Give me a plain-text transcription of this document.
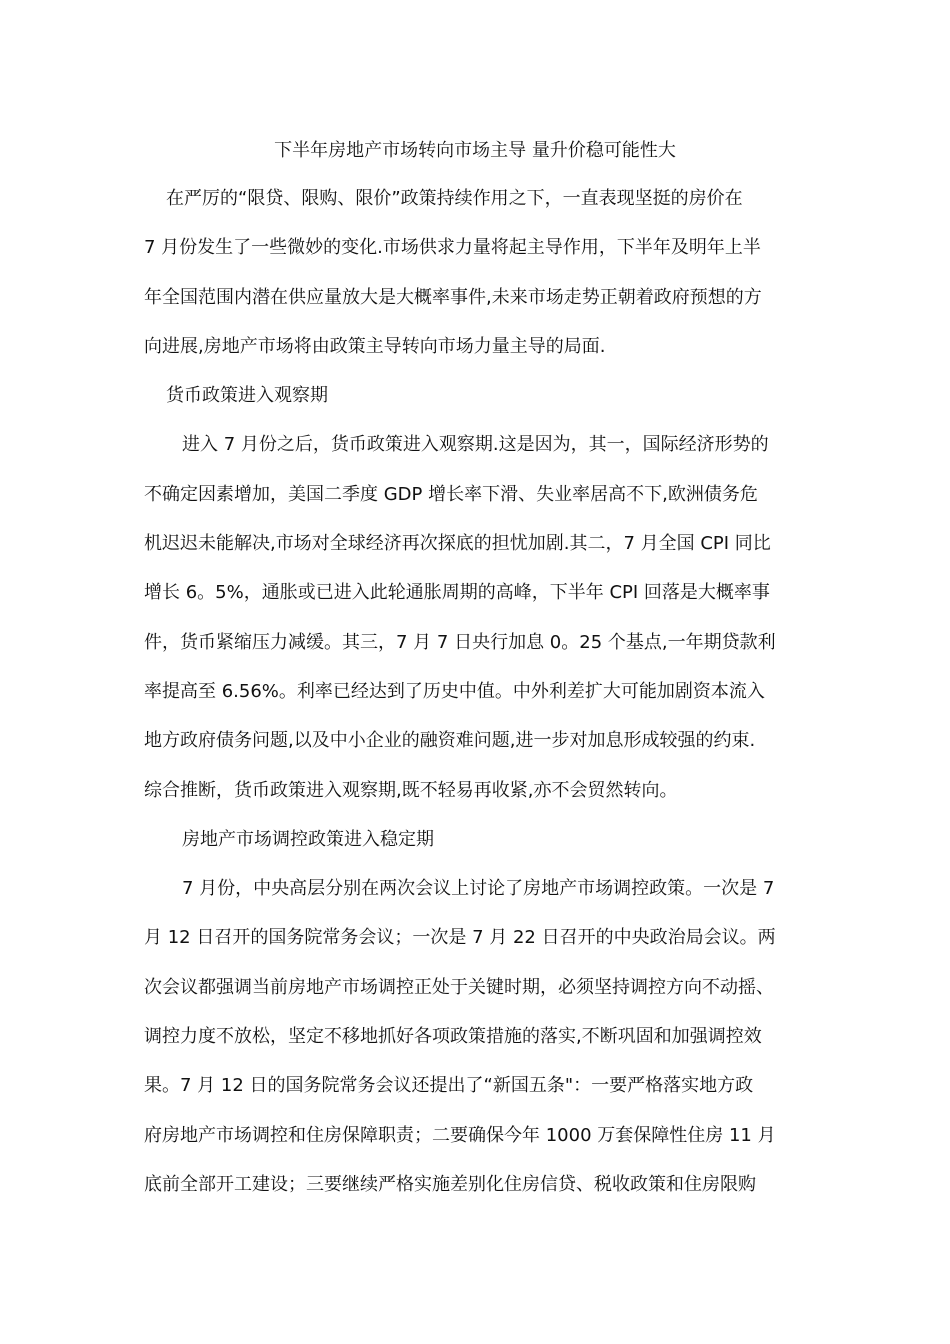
下半年房地产市场转向市场主导 量升价稳可能性大
在严厉的“限贷、限购、限价”政策持续作用之下，一直表现坚挺的房价在
7 月份发生了一些微妙的变化.市场供求力量将起主导作用，下半年及明年上半
年全国范围内潜在供应量放大是大概率事件,未来市场走势正朝着政府预想的方
向进展,房地产市场将由政策主导转向市场力量主导的局面.
货币政策进入观察期
进入 7 月份之后，货币政策进入观察期.这是因为，其一，国际经济形势的
不确定因素增加，美国二季度 GDP 增长率下滑、失业率居高不下,欧洲债务危
机迟迟未能解决,市场对全球经济再次探底的担忧加剧.其二，7 月全国 CPI 同比
增长 6。5%，通胀或已进入此轮通胀周期的高峰，下半年 CPI 回落是大概率事
件，货币紧缩压力减缓。其三，7 月 7 日央行加息 0。25 个基点,一年期贷款利
率提高至 6.56%。利率已经达到了历史中值。中外利差扩大可能加剧资本流入
地方政府债务问题,以及中小企业的融资难问题,进一步对加息形成较强的约束.
综合推断，货币政策进入观察期,既不轻易再收紧,亦不会贸然转向。
房地产市场调控政策进入稳定期
7 月份，中央高层分别在两次会议上讨论了房地产市场调控政策。一次是 7
月 12 日召开的国务院常务会议；一次是 7 月 22 日召开的中央政治局会议。两
次会议都强调当前房地产市场调控正处于关键时期，必须坚持调控方向不动摇、
调控力度不放松，坚定不移地抓好各项政策措施的落实,不断巩固和加强调控效
果。7 月 12 日的国务院常务会议还提出了“新国五条"：一要严格落实地方政
府房地产市场调控和住房保障职责；二要确保今年 1000 万套保障性住房 11 月
底前全部开工建设；三要继续严格实施差别化住房信贷、税收政策和住房限购
